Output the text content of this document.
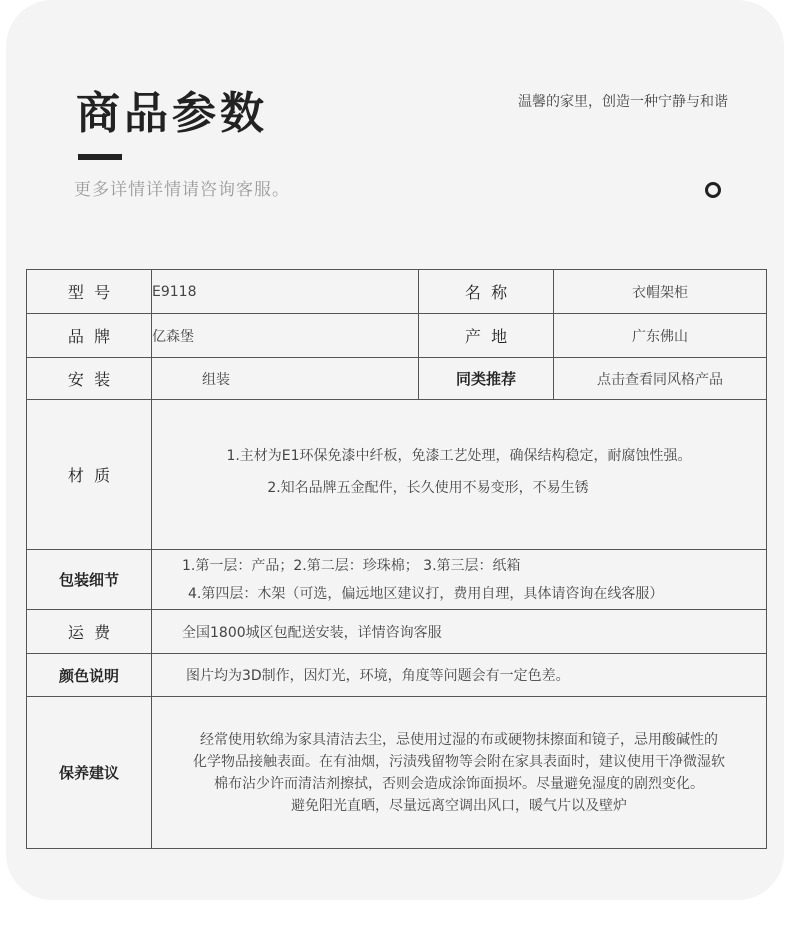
商品参数	温馨的家里，创造一种宁静与和谐
更多详情详情请咨询客服。
型  号	E9118	名  称	衣帽架柜
品  牌	亿森堡	产  地	广东佛山
安  装	组装	同类推荐	点击查看同风格产品
材  质	1.主材为E1环保免漆中纤板，免漆工艺处理，确保结构稳定，耐腐蚀性强。
2.知名品牌五金配件，长久使用不易变形，不易生锈		

包装细节	1.第一层：产品；2.第二层：珍珠棉； 3.第三层：纸箱
4.第四层：木架（可选，偏远地区建议打，费用自理，具体请咨询在线客服）		

运  费	全国1800城区包配送安装，详情咨询客服		
颜色说明	图片均为3D制作，因灯光，环境，角度等问题会有一定色差。		
保养建议	经常使用软绵为家具清洁去尘，忌使用过湿的布或硬物抹擦面和镜子，忌用酸碱性的
化学物品接触表面。在有油烟，污渍残留物等会附在家具表面时，建议使用干净微湿软
棉布沾少许而清洁剂擦拭，否则会造成涂饰面损坏。尽量避免湿度的剧烈变化。
避免阳光直晒，尽量远离空调出风口，暖气片以及壁炉		
